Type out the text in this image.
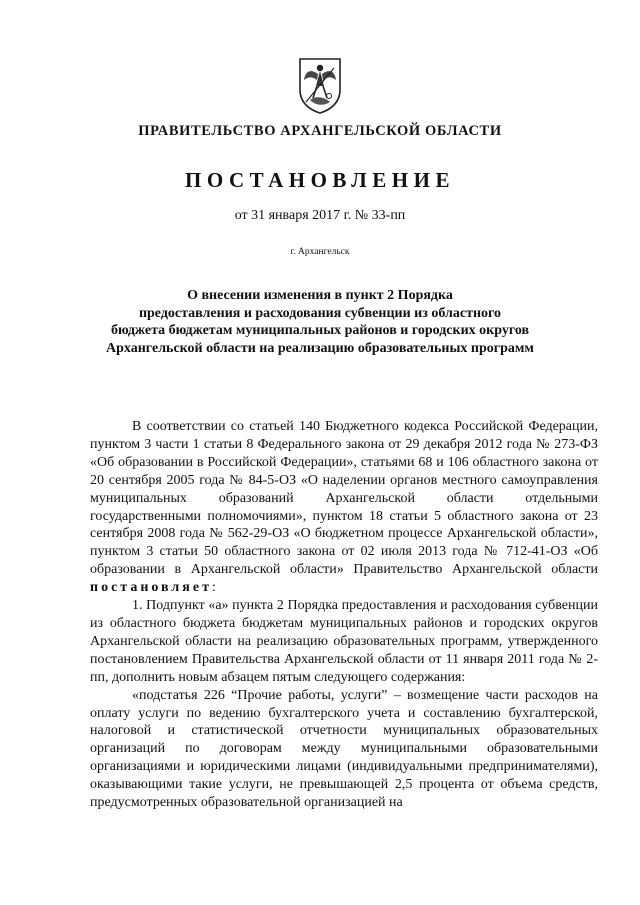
ПРАВИТЕЛЬСТВО АРХАНГЕЛЬСКОЙ ОБЛАСТИ
ПОСТАНОВЛЕНИЕ
от 31 января 2017 г. № 33-пп
г. Архангельск
О внесении изменения в пункт 2 Порядка
предоставления и расходования субвенции из областного
бюджета бюджетам муниципальных районов и городских округов
Архангельской области на реализацию образовательных программ

В соответствии со статьей 140 Бюджетного кодекса Российской Федерации, пунктом 3 части 1 статьи 8 Федерального закона от 29 декабря 2012 года № 273-ФЗ «Об образовании в Российской Федерации», статьями 68 и 106 областного закона от 20 сентября 2005 года № 84-5-ОЗ «О наделении органов местного самоуправления муниципальных образований Архангельской области отдельными государственными полномочиями», пунктом 18 статьи 5 областного закона от 23 сентября 2008 года № 562-29-ОЗ «О бюджетном процессе Архангельской области», пунктом 3 статьи 50 областного закона от 02 июля 2013 года № 712-41-ОЗ «Об образовании в Архангельской области» Правительство Архангельской области постановляет:

1. Подпункт «а» пункта 2 Порядка предоставления и расходования субвенции из областного бюджета бюджетам муниципальных районов и городских округов Архангельской области на реализацию образовательных программ, утвержденного постановлением Правительства Архангельской области от 11 января 2011 года № 2-пп, дополнить новым абзацем пятым следующего содержания:

«подстатья 226 “Прочие работы, услуги” – возмещение части расходов на оплату услуги по ведению бухгалтерского учета и составлению бухгалтерской, налоговой и статистической отчетности муниципальных образовательных организаций по договорам между муниципальными образовательными организациями и юридическими лицами (индивидуальными предпринимателями), оказывающими такие услуги, не превышающей 2,5 процента от объема средств, предусмотренных образовательной организацией на
